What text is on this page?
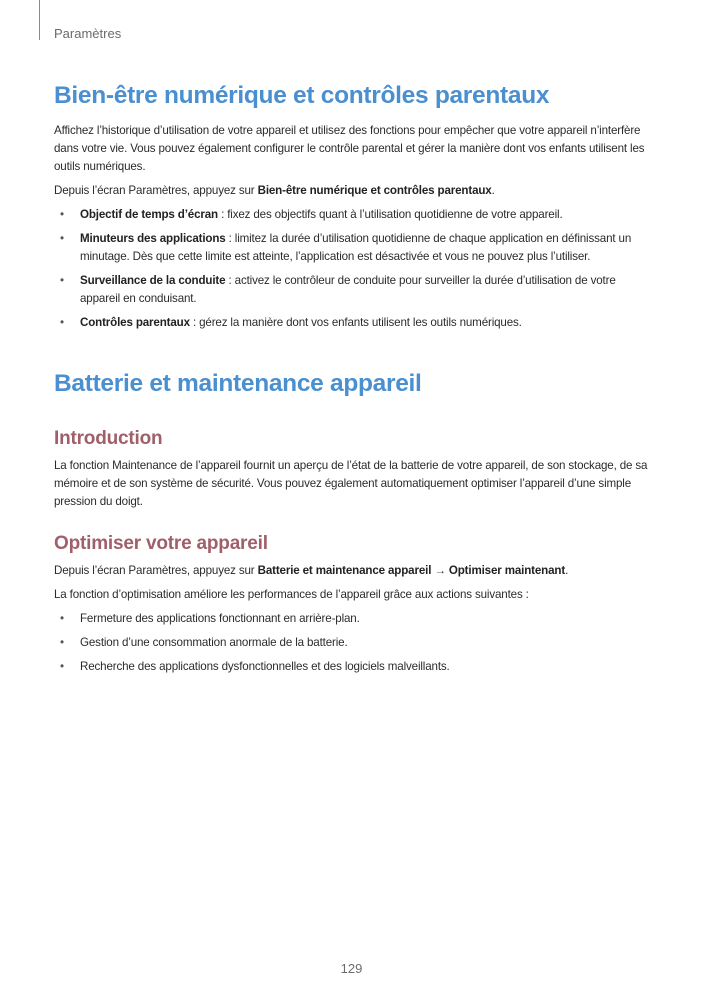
Paramètres
Bien-être numérique et contrôles parentaux

Affichez l’historique d’utilisation de votre appareil et utilisez des fonctions pour empêcher que votre appareil n’interfère dans votre vie. Vous pouvez également configurer le contrôle parental et gérer la manière dont vos enfants utilisent les outils numériques.

Depuis l’écran Paramètres, appuyez sur Bien-être numérique et contrôles parentaux.

• Objectif de temps d’écran : fixez des objectifs quant à l’utilisation quotidienne de votre appareil.
• Minuteurs des applications : limitez la durée d’utilisation quotidienne de chaque application en définissant un minutage. Dès que cette limite est atteinte, l’application est désactivée et vous ne pouvez plus l’utiliser.
• Surveillance de la conduite : activez le contrôleur de conduite pour surveiller la durée d’utilisation de votre appareil en conduisant.
• Contrôles parentaux : gérez la manière dont vos enfants utilisent les outils numériques.
Batterie et maintenance appareil
Introduction

La fonction Maintenance de l’appareil fournit un aperçu de l’état de la batterie de votre appareil, de son stockage, de sa mémoire et de son système de sécurité. Vous pouvez également automatiquement optimiser l’appareil d’une simple pression du doigt.

Optimiser votre appareil

Depuis l’écran Paramètres, appuyez sur Batterie et maintenance appareil → Optimiser maintenant.

La fonction d’optimisation améliore les performances de l’appareil grâce aux actions suivantes :

• Fermeture des applications fonctionnant en arrière-plan.
• Gestion d’une consommation anormale de la batterie.
• Recherche des applications dysfonctionnelles et des logiciels malveillants.
129
